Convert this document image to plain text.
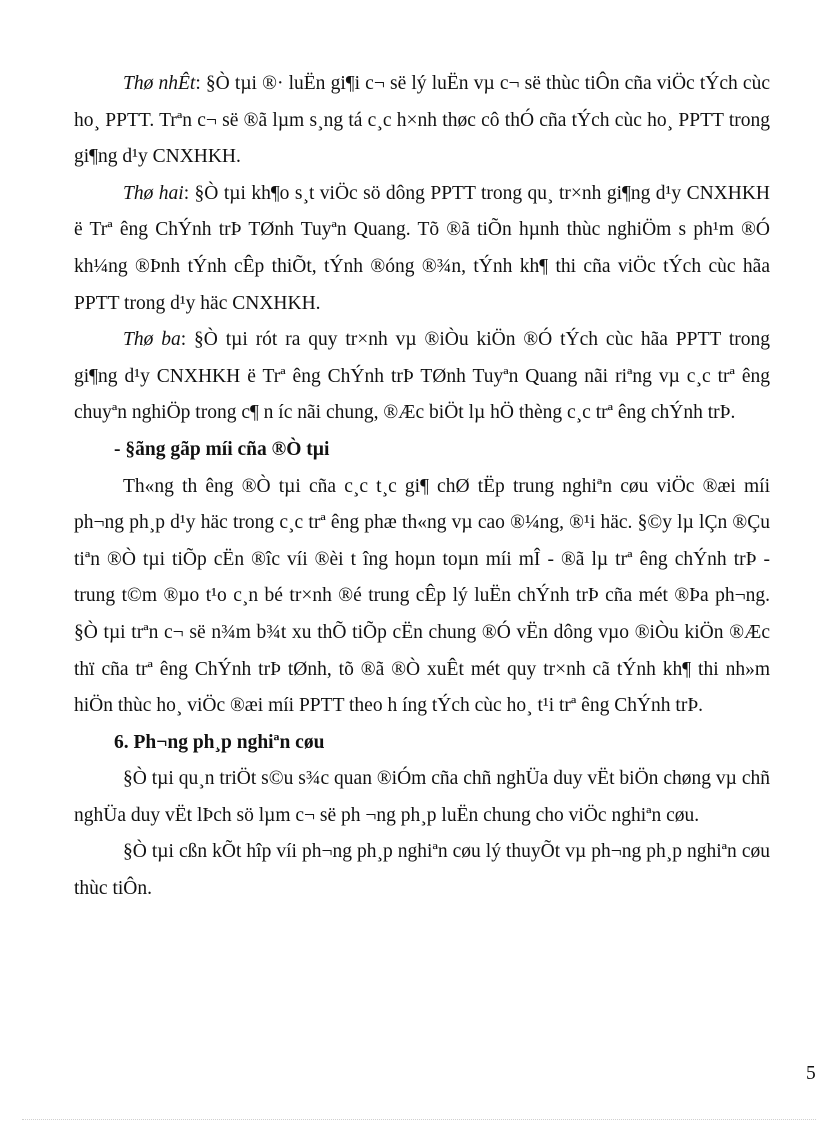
Thø nhÊt: §Ò tµi ®· luËn gi¶i c¬ së lý luËn vµ c¬ së thùc tiÔn cña viÖc tÝch cùc ho¸ PPTT. Trªn c¬ së ®ã lµm s¸ng tá c¸c h×nh thøc cô thÓ cña tÝch cùc ho¸ PPTT trong gi¶ng d¹y CNXHKH.

Thø hai: §Ò tµi kh¶o s¸t viÖc sö dông PPTT trong qu¸ tr×nh gi¶ng d¹y CNXHKH ë Trª êng ChÝnh trÞ TØnh Tuyªn Quang. Tõ ®ã tiÕn hµnh thùc nghiÖm s ph¹m ®Ó kh¼ng ®Þnh tÝnh cÊp thiÕt, tÝnh ®óng ®¾n, tÝnh kh¶ thi cña viÖc tÝch cùc hãa PPTT trong d¹y häc CNXHKH.

Thø ba: §Ò tµi rót ra quy tr×nh vµ ®iÒu kiÖn ®Ó tÝch cùc hãa PPTT trong gi¶ng d¹y CNXHKH ë Trª êng ChÝnh trÞ TØnh Tuyªn Quang nãi riªng vµ c¸c trª êng chuyªn nghiÖp trong c¶ n íc nãi chung, ®Æc biÖt lµ hÖ thèng c¸c trª êng chÝnh trÞ.

- §ãng gãp míi cña ®Ò tµi

Th«ng th êng ®Ò tµi cña c¸c t¸c gi¶ chØ tËp trung nghiªn cøu viÖc ®æi míi ph¬ng ph¸p d¹y häc trong c¸c trª êng phæ th«ng vµ cao ®¼ng, ®¹i häc. §©y lµ lÇn ®Çu tiªn ®Ò tµi tiÕp cËn ®îc víi ®èi t îng hoµn toµn míi mÎ - ®ã lµ trª êng chÝnh trÞ - trung t©m ®µo t¹o c¸n bé tr×nh ®é trung cÊp lý luËn chÝnh trÞ cña mét ®Þa ph¬ng. §Ò tµi trªn c¬ së n¾m b¾t xu thÕ tiÕp cËn chung ®Ó vËn dông vµo ®iÒu kiÖn ®Æc thï cña trª êng ChÝnh trÞ tØnh, tõ ®ã ®Ò xuÊt mét quy tr×nh cã tÝnh kh¶ thi nh»m hiÖn thùc ho¸ viÖc ®æi míi PPTT theo h íng tÝch cùc ho¸ t¹i trª êng ChÝnh trÞ.

6. Ph¬ng ph¸p nghiªn cøu

§Ò tµi qu¸n triÖt s©u s¾c quan ®iÓm cña chñ nghÜa duy vËt biÖn chøng vµ chñ nghÜa duy vËt lÞch sö lµm c¬ së ph ¬ng ph¸p luËn chung cho viÖc nghiªn cøu.

§Ò tµi cßn kÕt hîp víi ph¬ng ph¸p nghiªn cøu lý thuyÕt vµ ph¬ng ph¸p nghiªn cøu thùc tiÔn.

5
